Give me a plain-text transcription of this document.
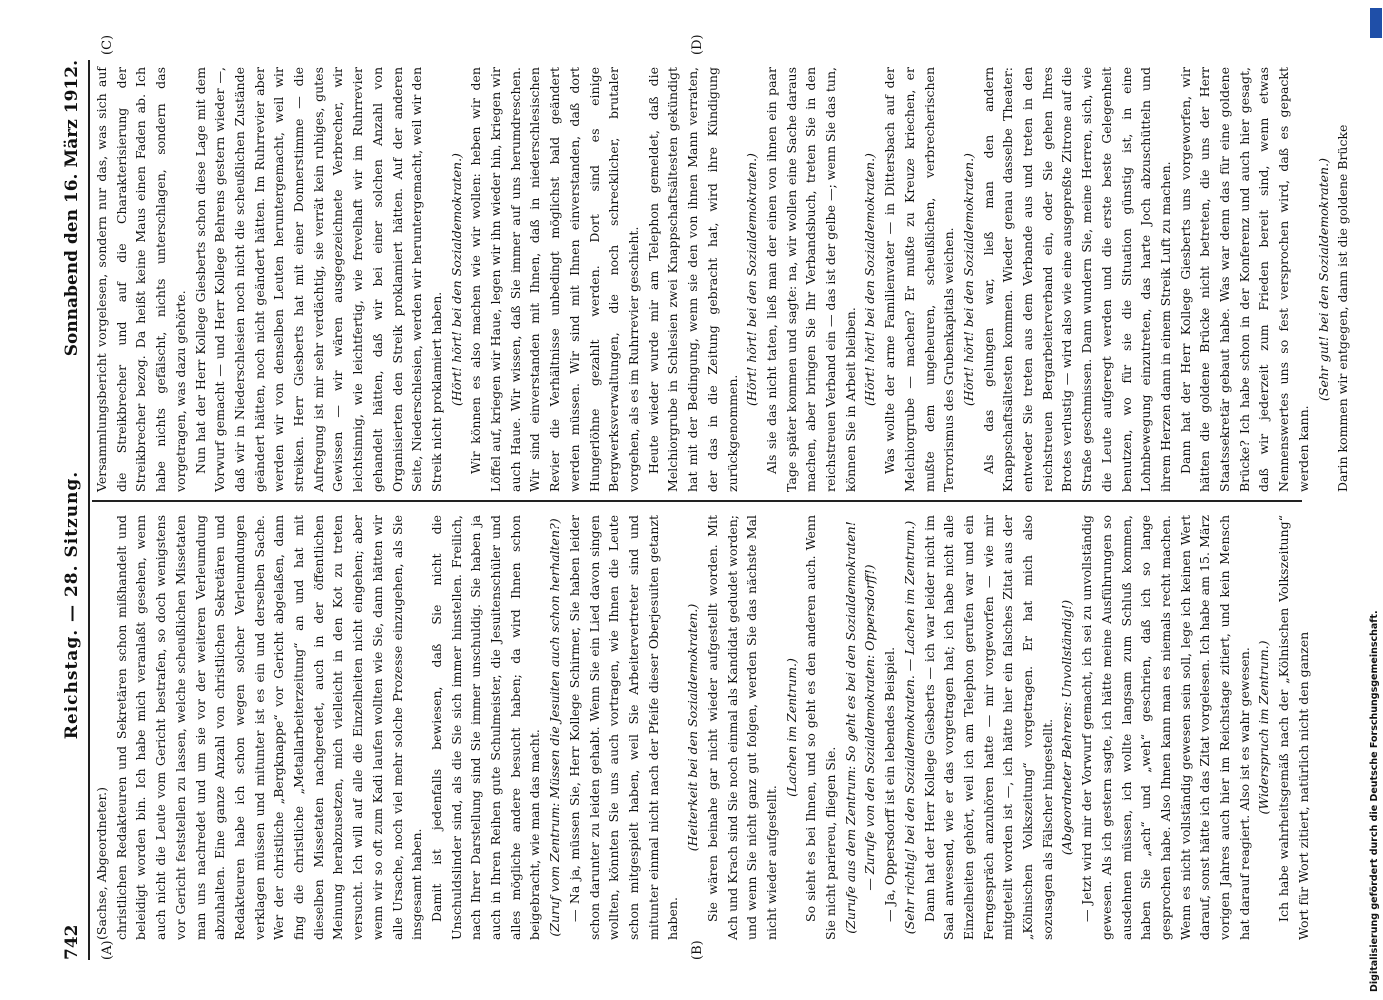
742
Reichstag. — 28. Sitzung.
Sonnabend den 16. März 1912.
(A)	(B)
(C)	(D)

(Sachse, Abgeordneter.) christlichen Redakteuren und Sekretären schon mißhandelt und beleidigt worden bin. Ich habe mich veranlaßt gesehen, wenn auch nicht die Leute vom Gericht bestrafen, so doch wenigstens vor Gericht feststellen zu lassen, welche scheußlichen Missetaten man uns nachredet und um sie vor der weiteren Verleumdung abzuhalten. Eine ganze Anzahl von christlichen Sekretären und Redakteuren habe ich schon wegen solcher Verleumdungen verklagen müssen und mitunter ist es ein und derselben Sache. Wer der christliche „Bergknappe“ vor Gericht abgelaßen, dann fing die christliche „Metallarbeiterzeitung“ an und hat mit dieselben Missetaten nachgeredet, auch in der öffentlichen Meinung herabzusetzen, mich vielleicht in den Kot zu treten versucht. Ich will auf alle die Einzelheiten nicht eingehen; aber wenn wir so oft zum Kadi laufen wollten wie Sie, dann hätten wir alle Ursache, noch viel mehr solche Prozesse einzugehen, als Sie insgesamt haben. Damit ist jedenfalls bewiesen, daß Sie nicht die Unschuldslinder sind, als die Sie sich immer hinstellen. Freilich, nach Ihrer Darstellung sind Sie immer unschuldig. Sie haben ja auch in Ihren Reihen gute Schulmeister, die Jesuitenschüler und alles mögliche andere besucht haben; da wird Ihnen schon beigebracht, wie man das macht. (Zuruf vom Zentrum: Müssen die Jesuiten auch schon herhalten?) — Na ja, müssen Sie, Herr Kollege Schirmer, Sie haben leider schon darunter zu leiden gehabt. Wenn Sie ein Lied davon singen wollten, könnten Sie uns auch vortragen, wie Ihnen die Leute schon mitgespielt haben, weil Sie Arbeitervertreter sind und mitunter einmal nicht nach der Pfeife dieser Oberjesuiten getanzt haben.

(Heiterkeit bei den Sozialdemokraten.) Sie wären beinahe gar nicht wieder aufgestellt worden. Mit Ach und Krach sind Sie noch einmal als Kandidat gedudet worden; und wenn Sie nicht ganz gut folgen, werden Sie das nächste Mal nicht wieder aufgestellt.

(Lachen im Zentrum.) So sieht es bei Ihnen, und so geht es den anderen auch. Wenn Sie nicht pariereu, fliegen Sie. (Zurufe aus dem Zentrum: So geht es bei den Sozialdemokraten! — Zurufe von den Sozialdemokraten: Oppersdorff!) — Ja, Oppersdorff ist ein lebendes Beispiel. (Sehr richtig! bei den Sozialdemokraten. — Lachen im Zentrum.) Dann hat der Herr Kollege Giesberts — ich war leider nicht im Saal anwesend, wie er das vorgetragen hat; ich habe nicht alle Einzelheiten gehört, weil ich am Telephon gerufen war und ein Ferngespräch anzuhören hatte — mir vorgeworfen — wie mir mitgeteilt worden ist —, ich hätte hier ein falsches Zitat aus der „Kölnischen Volkszeitung“ vorgetragen. Er hat mich also sozusagen als Fälscher hingestellt. (Abgeordneter Behrens: Unvollständig!) — Jetzt wird mir der Vorwurf gemacht, ich sei zu unvollständig gewesen. Als ich gestern sagte, ich hätte meine Ausführungen so ausdehnen müssen, ich wollte langsam zum Schluß kommen, haben Sie „ach“ und „weh“ geschrien, daß ich so lange gesprochen habe. Also Ihnen kann man es niemals recht machen. Wenn es nicht vollständig gewesen sein soll, lege ich keinen Wert darauf, sonst hätte ich das Zitat vorgelesen. Ich habe am 15. März vorigen Jahres auch hier im Reichstage zitiert, und kein Mensch hat darauf reagiert. Also ist es wahr gewesen. (Widerspruch im Zentrum.) Ich habe wahrheitsgemäß nach der „Kölnischen Volkszeitung“ Wort für Wort zitiert, natürlich nicht den ganzen

Versammlungsbericht vorgelesen, sondern nur das, was sich auf die Streikbrecher und auf die Charakterisierung der Streikbrecher bezog. Da heißt keine Maus einen Faden ab. Ich habe nichts gefälscht, nichts unterschlagen, sondern das vorgetragen, was dazu gehörte. Nun hat der Herr Kollege Giesberts schon diese Lage mit dem Vorwurf gemacht — und Herr Kollege Behrens gestern wieder —, daß wir in Niederschlesien noch nicht die scheußlichen Zustände geändert hätten, noch nicht geändert hätten. Im Ruhrrevier aber werden wir von denselben Leuten heruntergemacht, weil wir streiken. Herr Giesberts hat mit einer Donnerstimme — die Aufregung ist mir sehr verdächtig, sie verrät kein ruhiges, gutes Gewissen — wir wären ausgegezeichnete Verbrecher, wir leichtsinnig, wie leichtfertig, wie frevelhaft wir im Ruhrrevier gehandelt hätten, daß wir bei einer solchen Anzahl von Organisierten den Streik proklamiert hätten. Auf der anderen Seite, Niederschlesien, werden wir heruntergemacht, weil wir den Streik nicht proklamiert haben. (Hört! hört! bei den Sozialdemokraten.) Wir können es also machen wie wir wollen: heben wir den Löffel auf, kriegen wir Haue, legen wir ihn wieder hin, kriegen wir auch Haue. Wir wissen, daß Sie immer auf uns herumdreschen. Wir sind einverstanden mit Ihnen, daß in niederschlesischen Revier die Verhältnisse unbedingt möglichst bald geändert werden müssen. Wir sind mit Ihnen einverstanden, daß dort Hungerlöhne gezahlt werden. Dort sind es einige Bergwerksverwaltungen, die noch schrecklicher, brutaler vorgehen, als es im Ruhrrevier geschieht. Heute wieder wurde mir am Telephon gemeldet, daß die Melchiorgrube in Schlesien zwei Knappschaftsältesten gekündigt hat mit der Bedingung, wenn sie den von ihnen Mann verraten, der das in die Zeitung gebracht hat, wird ihre Kündigung zurückgenommen.

(Hört! hört! bei den Sozialdemokraten.) Als sie das nicht taten, ließ man der einen von ihnen ein paar Tage später kommen und sagte: na, wir wollen eine Sache daraus machen, aber bringen Sie Ihr Verbandsbuch, treten Sie in den reichstreuen Verband ein — das ist der gelbe —; wenn Sie das tun, können Sie in Arbeit bleiben. (Hört! hört! bei den Sozialdemokraten.) Was wollte der arme Familienvater — in Dittersbach auf der Melchiorgrube — machen? Er mußte zu Kreuze kriechen, er mußte dem ungeheuren, scheußlichen, verbrecherischen Terrorismus des Grubenkapitals weichen. (Hört! hört! bei den Sozialdemokraten.) Als das gelungen war, ließ man den andern Knappschaftsältesten kommen. Wieder genau dasselbe Theater: entweder Sie treten aus dem Verbande aus und treten in den reichstreuen Bergarbeiterverband ein, oder Sie gehen Ihres Brotes verlustig — wird also wie eine ausgepreßte Zitrone auf die Straße geschmissen. Dann wundern Sie, meine Herren, sich, wie die Leute aufgeregt werden und die erste beste Gelegenheit benutzen, wo für sie die Situation günstig ist, in eine Lohnbewegung einzutreten, das harte Joch abzuschütteln und ihrem Herzen dann in einem Streik Luft zu machen. Dann hat der Herr Kollege Giesberts uns vorgeworfen, wir hätten die goldene Brücke nicht betreten, die uns der Herr Staatssekretär gebaut habe. Was war denn das für eine goldene Brücke? Ich habe schon in der Konferenz und auch hier gesagt, daß wir jederzeit zum Frieden bereit sind, wenn etwas Nennenswertes uns so fest versprochen wird, daß es gepackt werden kann.

(Sehr gut! bei den Sozialdemokraten.) Darin kommen wir entgegen, dann ist die goldene Brücke

Digitalisierung gefördert durch die Deutsche Forschungsgemeinschaft.
